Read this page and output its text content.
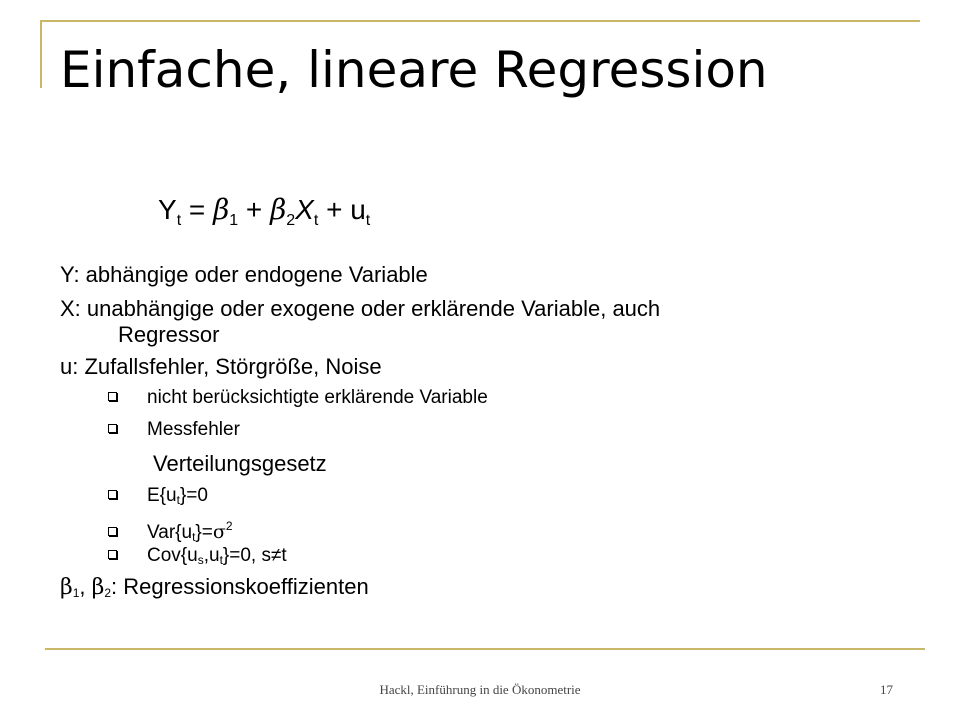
Einfache, lineare Regression
$Y_t = \beta_1 + \beta_2X_t + u_t$
Y: abhängige oder endogene Variable
X: unabhängige oder exogene oder erklärende Variable, auch
Regressor
u: Zufallsfehler, Störgröße, Noise
nicht berücksichtigte erklärende Variable
Messfehler
Verteilungsgesetz
$E\{u_t\}=0$
$Var\{u_t\}=\sigma^2$
$Cov\{u_s,u_t\}=0$, s≠t
$\beta_1$, $\beta_2$: Regressionskoeffizienten
Hackl, Einführung in die Ökonometrie	17
